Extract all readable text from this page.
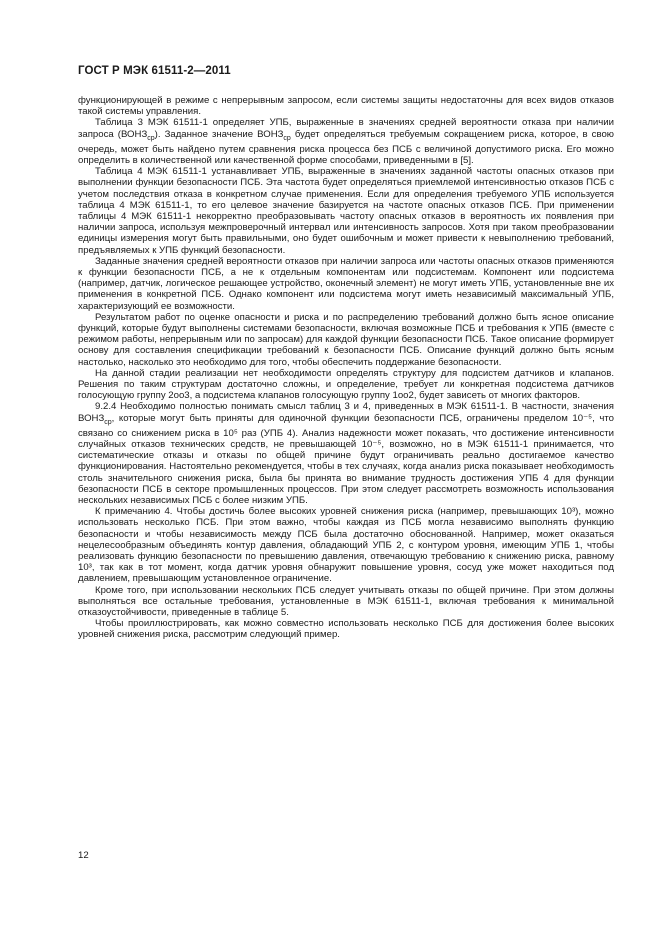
ГОСТ Р МЭК 61511-2—2011

функционирующей в режиме с непрерывным запросом, если системы защиты недостаточны для всех видов отказов такой системы управления.

Таблица 3 МЭК 61511-1 определяет УПБ, выраженные в значениях средней вероятности отказа при наличии запроса $(ВОНЗ_{ср})$. Заданное значение $ВОНЗ_{ср}$ будет определяться требуемым сокращением риска, которое, в свою очередь, может быть найдено путем сравнения риска процесса без ПСБ с величиной допустимого риска. Его можно определить в количественной или качественной форме способами, приведенными в [5].

Таблица 4 МЭК 61511-1 устанавливает УПБ, выраженные в значениях заданной частоты опасных отказов при выполнении функции безопасности ПСБ. Эта частота будет определяться приемлемой интенсивностью отказов ПСБ с учетом последствия отказа в конкретном случае применения. Если для определения требуемого УПБ используется таблица 4 МЭК 61511-1, то его целевое значение базируется на частоте опасных отказов ПСБ. При применении таблицы 4 МЭК 61511-1 некорректно преобразовывать частоту опасных отказов в вероятность их появления при наличии запроса, используя межпроверочный интервал или интенсивность запросов. Хотя при таком преобразовании единицы измерения могут быть правильными, оно будет ошибочным и может привести к невыполнению требований, предъявляемых к УПБ функций безопасности.

Заданные значения средней вероятности отказов при наличии запроса или частоты опасных отказов применяются к функции безопасности ПСБ, а не к отдельным компонентам или подсистемам. Компонент или подсистема (например, датчик, логическое решающее устройство, оконечный элемент) не могут иметь УПБ, установленные вне их применения в конкретной ПСБ. Однако компонент или подсистема могут иметь независимый максимальный УПБ, характеризующий ее возможности.

Результатом работ по оценке опасности и риска и по распределению требований должно быть ясное описание функций, которые будут выполнены системами безопасности, включая возможные ПСБ и требования к УПБ (вместе с режимом работы, непрерывным или по запросам) для каждой функции безопасности ПСБ. Такое описание формирует основу для составления спецификации требований к безопасности ПСБ. Описание функций должно быть ясным настолько, насколько это необходимо для того, чтобы обеспечить поддержание безопасности.

На данной стадии реализации нет необходимости определять структуру для подсистем датчиков и клапанов. Решения по таким структурам достаточно сложны, и определение, требует ли конкретная подсистема датчиков голосующую группу 2oo3, а подсистема клапанов голосующую группу 1oo2, будет зависеть от многих факторов.

9.2.4 Необходимо полностью понимать смысл таблиц 3 и 4, приведенных в МЭК 61511-1. В частности, значения $ВОНЗ_{ср}$, которые могут быть приняты для одиночной функции безопасности ПСБ, ограничены пределом 10⁻⁵, что связано со снижением риска в 10⁵ раз (УПБ 4). Анализ надежности может показать, что достижение интенсивности случайных отказов технических средств, не превышающей 10⁻⁵, возможно, но в МЭК 61511-1 принимается, что систематические отказы и отказы по общей причине будут ограничивать реально достигаемое качество функционирования. Настоятельно рекомендуется, чтобы в тех случаях, когда анализ риска показывает необходимость столь значительного снижения риска, была бы принята во внимание трудность достижения УПБ 4 для функции безопасности ПСБ в секторе промышленных процессов. При этом следует рассмотреть возможность использования нескольких независимых ПСБ с более низким УПБ.

К примечанию 4. Чтобы достичь более высоких уровней снижения риска (например, превышающих 10³), можно использовать несколько ПСБ. При этом важно, чтобы каждая из ПСБ могла независимо выполнять функцию безопасности и чтобы независимость между ПСБ была достаточно обоснованной. Например, может оказаться нецелесообразным объединять контур давления, обладающий УПБ 2, с контуром уровня, имеющим УПБ 1, чтобы реализовать функцию безопасности по превышению давления, отвечающую требованию к снижению риска, равному 10³, так как в тот момент, когда датчик уровня обнаружит повышение уровня, сосуд уже может находиться под давлением, превышающим установленное ограничение.

Кроме того, при использовании нескольких ПСБ следует учитывать отказы по общей причине. При этом должны выполняться все остальные требования, установленные в МЭК 61511-1, включая требования к минимальной отказоустойчивости, приведенные в таблице 5.

Чтобы проиллюстрировать, как можно совместно использовать несколько ПСБ для достижения более высоких уровней снижения риска, рассмотрим следующий пример.

12
